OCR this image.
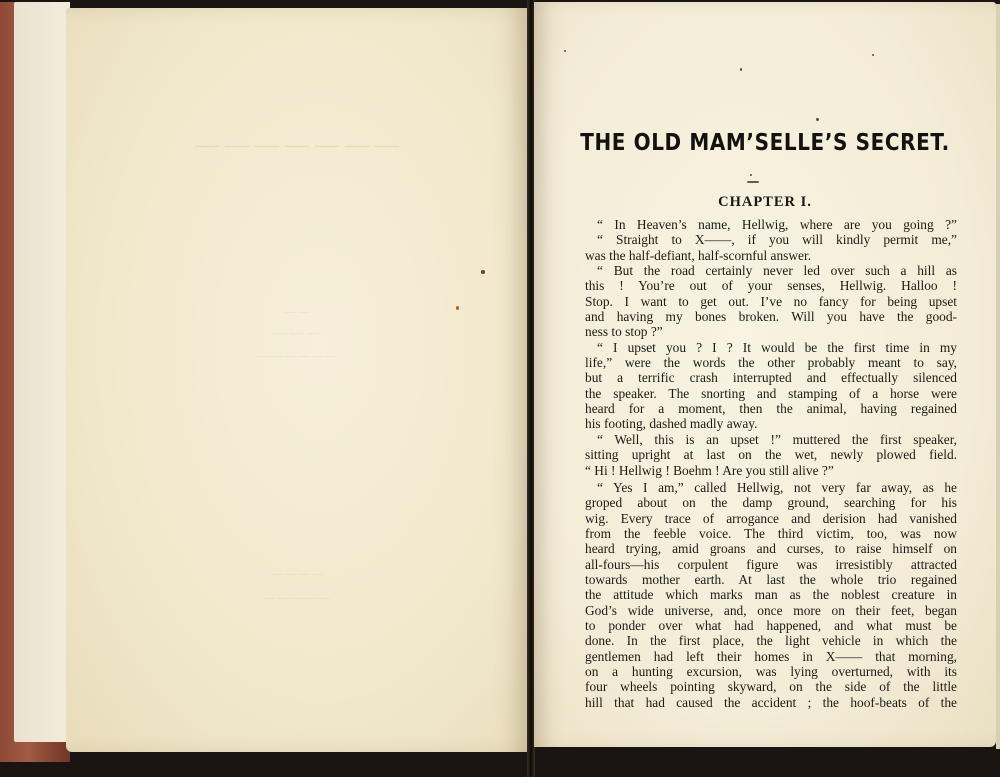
— — — — — — —
— —
— — —
— — — — — —
— — — —
— — — — —
THE OLD MAM’SELLE’S SECRET.
CHAPTER I.
“ In Heaven’s name, Hellwig, where are you going ?”
“ Straight to X——, if you will kindly permit me,”
was the half-defiant, half-scornful answer.
“ But the road certainly never led over such a hill as
this ! You’re out of your senses, Hellwig. Halloo !
Stop. I want to get out. I’ve no fancy for being upset
and having my bones broken. Will you have the good-
ness to stop ?”
“ I upset you ? I ? It would be the first time in my
life,” were the words the other probably meant to say,
but a terrific crash interrupted and effectually silenced
the speaker. The snorting and stamping of a horse were
heard for a moment, then the animal, having regained
his footing, dashed madly away.
“ Well, this is an upset !” muttered the first speaker,
sitting upright at last on the wet, newly plowed field.
“ Hi ! Hellwig ! Boehm ! Are you still alive ?”
“ Yes I am,” called Hellwig, not very far away, as he
groped about on the damp ground, searching for his
wig. Every trace of arrogance and derision had vanished
from the feeble voice. The third victim, too, was now
heard trying, amid groans and curses, to raise himself on
all-fours—his corpulent figure was irresistibly attracted
towards mother earth. At last the whole trio regained
the attitude which marks man as the noblest creature in
God’s wide universe, and, once more on their feet, began
to ponder over what had happened, and what must be
done. In the first place, the light vehicle in which the
gentlemen had left their homes in X—— that morning,
on a hunting excursion, was lying overturned, with its
four wheels pointing skyward, on the side of the little
hill that had caused the accident ; the hoof-beats of the
